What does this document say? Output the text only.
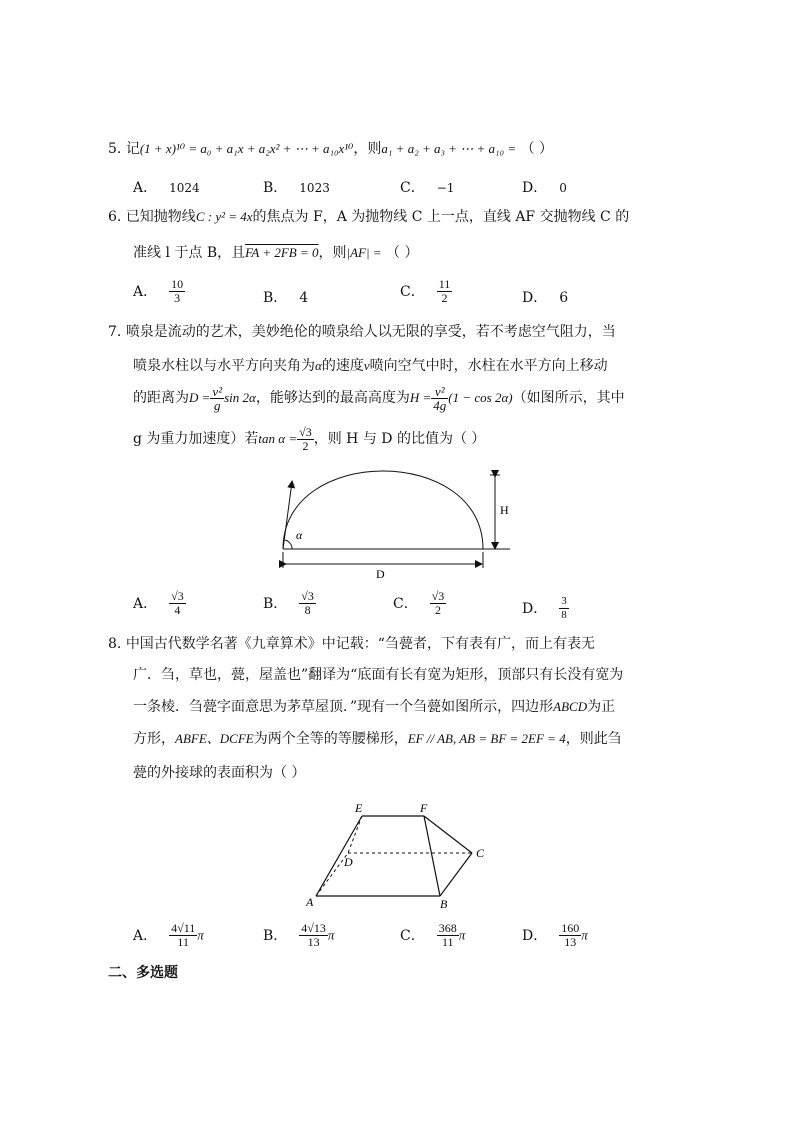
5. 记(1 + x)¹⁰ = a₀ + a₁x + a₂x² + ⋯ + a₁₀x¹⁰，则a₁ + a₂ + a₃ + ⋯ + a₁₀ = （ ）
A． 1024	B． 1023	C． −1	D． 0
6. 已知抛物线C : y² = 4x的焦点为 F，A 为抛物线 C 上一点，直线 AF 交抛物线 C 的
准线 l 于点 B，且FA + 2FB = 0，则|AF| = （ ）
A． $\frac{10}{3}$	B． 4	C． $\frac{11}{2}$	D． 6
7. 喷泉是流动的艺术，美妙绝伦的喷泉给人以无限的享受，若不考虑空气阻力，当
喷泉水柱以与水平方向夹角为α的速度v喷向空气中时，水柱在水平方向上移动
的距离为$D = \frac{\text{v²}}{g}$ sin 2α，能够达到的最高高度为$H = \frac{\text{v²}}{4g} (1 - \cos 2\alpha)$（如图所示，其中
g 为重力加速度）若$\tan \alpha = \frac{√3}{2}$ ，则 H 与 D 的比值为（ ）
α
H
D
A． $\frac{√3}{4}$	B． $\frac{√3}{8}$	C． $\frac{√3}{2}$	D． $\frac{3}{8}$
8. 中国古代数学名著《九章算术》中记载：“刍甍者，下有表有广，而上有表无
广．刍，草也，甍，屋盖也”翻译为“底面有长有宽为矩形，顶部只有长没有宽为
一条棱．刍甍字面意思为茅草屋顶．”现有一个刍甍如图所示，四边形ABCD为正
方形，ABFE、DCFE为两个全等的等腰梯形，EF // AB, AB = BF = 2EF = 4，则此刍
甍的外接球的表面积为（ ）
E	F
D
C
A	B
A． $\frac{4√11}{11}$ π	B． $\frac{4√13}{13}$ π	C． $\frac{368}{11}$ π	D． $\frac{160}{13}$ π
二、多选题
